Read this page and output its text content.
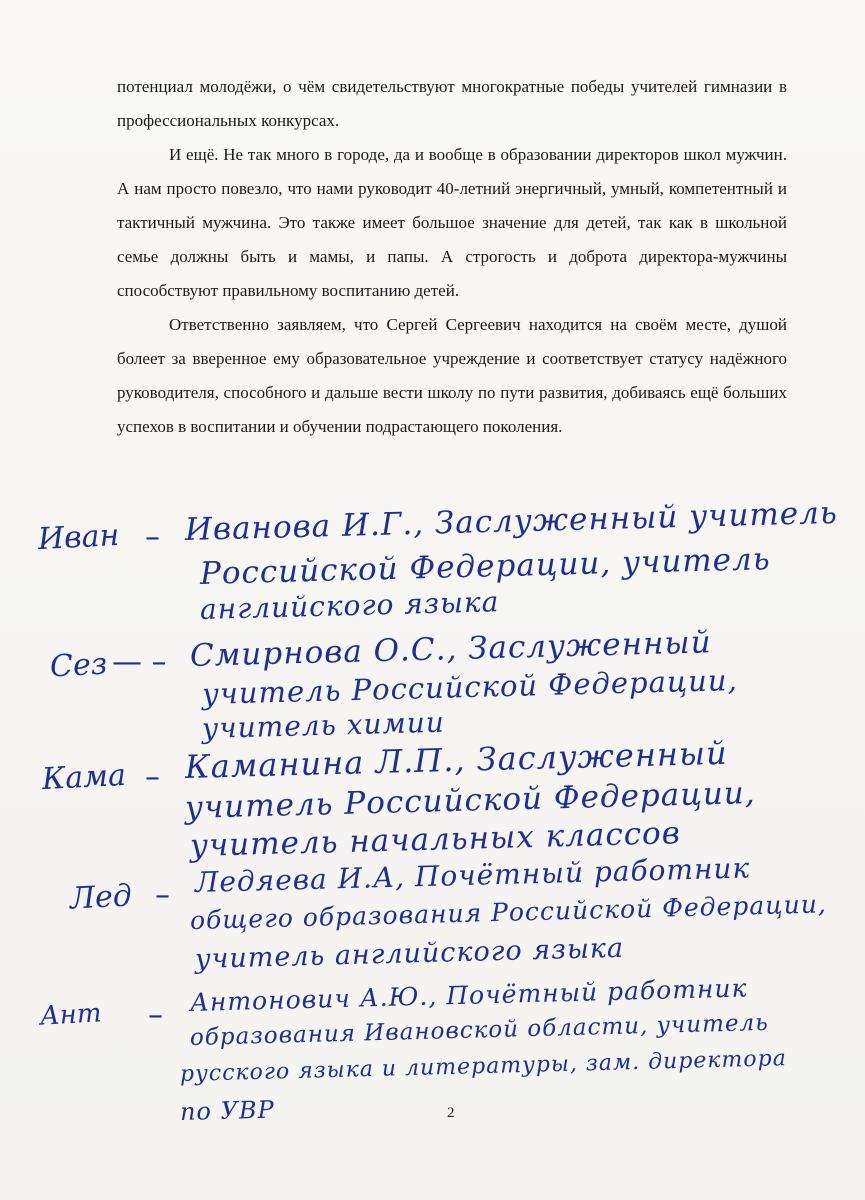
потенциал молодёжи, о чём свидетельствуют многократные победы учителей гимназии в профессиональных конкурсах.

И ещё. Не так много в городе, да и вообще в образовании директоров школ мужчин. А нам просто повезло, что нами руководит 40-летний энергичный, умный, компетентный и тактичный мужчина. Это также имеет большое значение для детей, так как в школьной семье должны быть и мамы, и папы. А строгость и доброта директора-мужчины способствуют правильному воспитанию детей.

Ответственно заявляем, что Сергей Сергеевич находится на своём месте, душой болеет за вверенное ему образовательное учреждение и соответствует статусу надёжного руководителя, способного и дальше вести школу по пути развития, добиваясь ещё больших успехов в воспитании и обучении подрастающего поколения.

Иван – Иванова И.Г., Заслуженный учитель
Российской Федерации, учитель
английского языка
Сез — – Смирнова О.С., Заслуженный
учитель Российской Федерации,
учитель химии
Кама – Каманина Л.П., Заслуженный
учитель Российской Федерации,
учитель начальных классов
Лед – Ледяева И.А, Почётный работник
общего образования Российской Федерации,
учитель английского языка
Ант – Антонович А.Ю., Почётный работник
образования Ивановской области, учитель
русского языка и литературы, зам. директора
по УВР	2
